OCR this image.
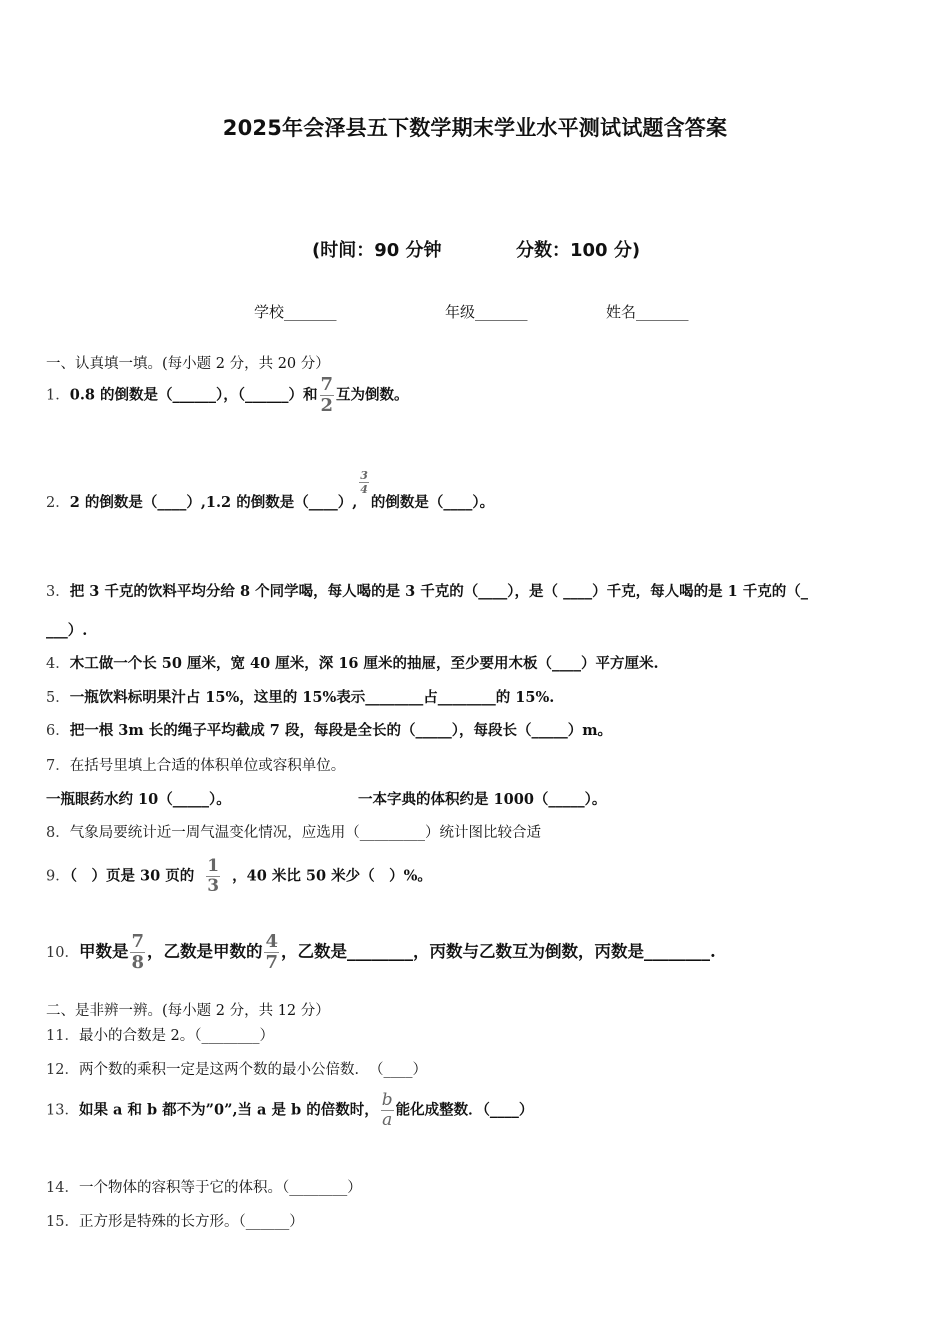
2025年会泽县五下数学期末学业水平测试试题含答案
(时间：90 分钟	分数：100 分)
学校_______	年级_______	姓名_______
一、认真填一填。(每小题 2 分，共 20 分）
1．0.8 的倒数是（______），（______）和 $\frac{7}{2}$ 互为倒数。
2．2 的倒数是（____）,1.2 的倒数是（____）,
$\frac{3}{4}$
的倒数是（____）。
3．把 3 千克的饮料平均分给 8 个同学喝，每人喝的是 3 千克的（____），是（ ____）千克，每人喝的是 1 千克的（_
___）.
4．木工做一个长 50 厘米，宽 40 厘米，深 16 厘米的抽屉，至少要用木板（____）平方厘米.
5．一瓶饮料标明果汁占 15%，这里的 15%表示________占________的 15%.
6．把一根 3m 长的绳子平均截成 7 段，每段是全长的（_____），每段长（_____）m。
7．在括号里填上合适的体积单位或容积单位。
一瓶眼药水约 10（_____）。	一本字典的体积约是 1000（_____）。
8．气象局要统计近一周气温变化情况，应选用（_________）统计图比较合适
9．（　）页是 30 页的 $\frac{1}{3}$ ，40 米比 50 米少（　）%。
10．甲数是 $\frac{7}{8}$ ，乙数是甲数的 $\frac{4}{7}$ ，乙数是________，丙数与乙数互为倒数，丙数是________.
二、是非辨一辨。(每小题 2 分，共 12 分）
11．最小的合数是 2。（________）
12．两个数的乘积一定是这两个数的最小公倍数．　（____）
13．如果 a 和 b 都不为”0”,当 a 是 b 的倍数时， $\frac{b}{a}$ 能化成整数．（____）
14．一个物体的容积等于它的体积。（________）
15．正方形是特殊的长方形。（______）
